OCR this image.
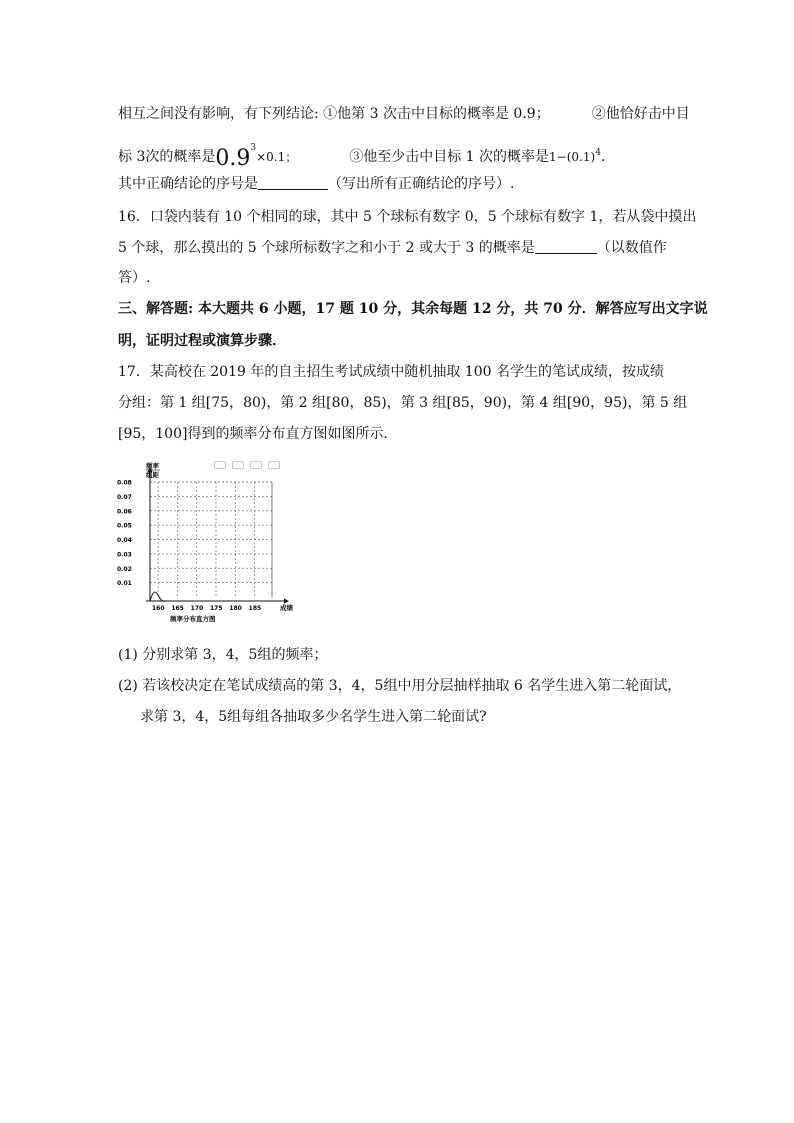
相互之间没有影响，有下列结论: ①他第 3 次击中目标的概率是 0.9；	②他恰好击中目
标 3次的概率是$0.9^3\times 0.1$；	③他至少击中目标 1 次的概率是$1-(0.1)^4$.
其中正确结论的序号是	（写出所有正确结论的序号）.
16．口袋内装有 10 个相同的球，其中 5 个球标有数字 0，5 个球标有数字 1，若从袋中摸出
5 个球，那么摸出的 5 个球所标数字之和小于 2 或大于 3 的概率是	（以数值作
答）.
三、解答题: 本大题共 6 小题，17 题 10 分，其余每题 12 分，共 70 分．解答应写出文字说
明，证明过程或演算步骤．
17．某高校在 2019 年的自主招生考试成绩中随机抽取 100 名学生的笔试成绩，按成绩
分组：第 1 组[75，80)，第 2 组[80，85)，第 3 组[85，90)，第 4 组[90，95)，第 5 组
[95，100]得到的频率分布直方图如图所示．
0.08
0.07
0.06
0.05
0.04
0.03
0.02
0.01
160 165 170 175 180 185
频率
组距
成绩
频率分布直方图
(1) 分别求第 3，4，5组的频率；
(2) 若该校决定在笔试成绩高的第 3，4，5组中用分层抽样抽取 6 名学生进入第二轮面试，
求第 3，4，5组每组各抽取多少名学生进入第二轮面试?
